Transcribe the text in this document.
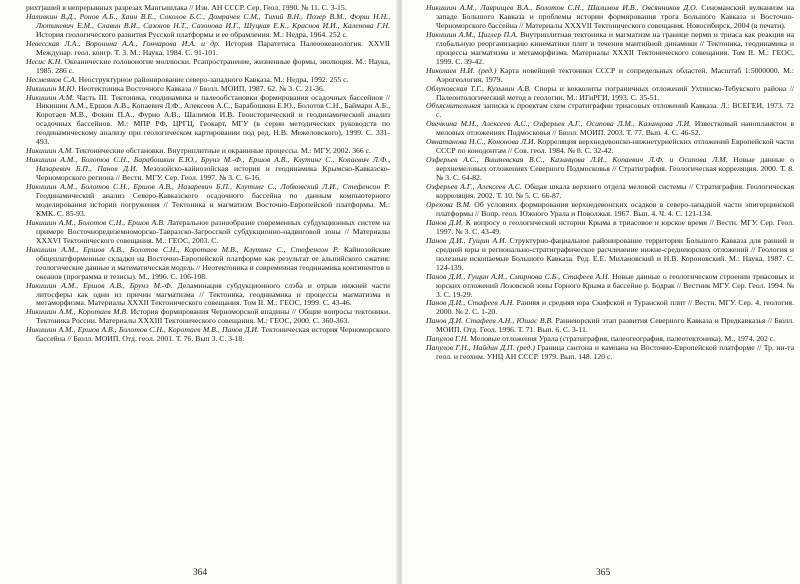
рихт)ашей в непрерывных разрезах Мангышлака // Изв. АН СССР. Сер. Геол. 1990. № 11. С. 3-15.

Наливкин В.Д., Ронов А.Б., Хаин В.Е., Соколов Б.С., Домрачев С.М., Тихий В.Н., Позер В.М., Форш Н.Н., Лютикевич Е.М., Славин В.И., Сазонов Н.Т., Сазонова И.Г., Шуцкая Е.К., Краснов И.И., Каленова Г.Н. История геологического развития Русской платформы и ее обрамления. М.: Недра, 1964. 252 с.

Невесская Л.А., Воронина А.А., Гончарова И.А. и др. История Паратетиса Палеоокеанология. XXVII Междунар. геол. конгр. Т. 3. М.: Наука, 1984. С. 91-101.

Несис К.Н. Океанические головоногие моллюски. Рсапространение, жизненные формы, эволюция. М.: Наука, 1985. 286 с.

Несмеянов С.А. Неоструктурное районирование северо-западного Кавказа. М.: Недра, 1992. 255 с.

Никишин М.Ю. Неотектоника Восточного Кавказа // Бюлл. МОИП. 1987. 62. № 3. С. 21-36.

Никишин А.М. Часть III. Тектоника, геодинамика и палеообстановки формирования осадочных бассейнов // Никишин А.М., Ершов А.В., Копаевич Л.Ф., Алексеев А.С., Барабошкин Е.Ю., Болотов С.Н., Баймарн А.Б., Коротаев М.В., Фокин П.А., Фурно А.В., Шалимов И.В. Геоисторический и геодинамический анализ осадочных бассейнов. М.: МПР РФ, ЦРГЦ, Геокарт, МГУ (в серии методических руководств по геодинамическому анализу при геологическом картировании под ред. Н.В. Межеловского), 1999. С. 331-493.

Никишин А.М. Тектонические обстановки. Внутриплитные и окраинные процессы. М.: МГУ, 2002. 366 с.

Никишин А.М., Болотов С.Н., Барабошкин Е.Ю., Брунэ М.-Ф., Ершов А.В., Клутинг С., Копаевич Л.Ф., Назаревич Б.П., Панов Д.И. Мезозойско-кайнозойская история и геодинамика Крымско-Кавказско-Черноморского региона // Вестн. МГУ. Сер. Геол. 1997. № 3. С. 6-16.

Никишин А.М., Болотов С.Н., Ершов А.В., Назаревич Б.П., Клутинг С., Лобковский Л.И., Стефенсон Р. Геодинамический анализ Северо-Кавказского осадочного бассейна по данным компьютерного моделирования истории погружения // Тектоника и магматизм Восточно-Европейской платформы. М.: КМК. С. 85-93.

Никишин А.М., Болотов С.Н., Ершов А.В. Латеральное разнообразие современных субдукционных систем на примере Восточноредиземноморско-Тавразско-Загросской субдукционно-надвиговой зоны // Материалы XXXVI Тектонического совещания. М.: ГЕОС, 2003. С.

Никишин А.М., Ершов А.В., Болотов С.Н., Коротаев М.В., Клутинг С., Стефенсон Р. Кайнозойские общеплатформенные складки на Восточно-Европейской платформе как результат ее альпийского сжатия: геологические данные и математическая модель // Неотектоника и современная геодинамика континентов и океанов (программа и тезисы). М., 1996. С. 106-108.

Никишин А.М., Ершов А.В., Брунэ М.-Ф. Деламинация субдукционного слэба и отрыв нижней части литосферы как одни из причин магматизма // Тектоника, геодинамика и процессы магматизма и метаморфизма. Материалы XXXII Тектонического совещания. Том II. М.: ГЕОС, 1999. С. 43-46.

Никишин А.М., Коротаев М.В. История формирования Черноморской впадины // Общие вопросы тектоники. Тектоника России. Материалы XXXIII Тектонического совещания. М.: ГЕОС, 2000. С. 360-363.

Никишин А.М., Ершов А.В., Болотов С.Н., Коротаев М.В., Панов Д.И. Тектоническая история Черноморского бассейна // Бюлл. МОИП. Отд. геол. 2001. Т. 76. Вып 3. С. 3-18.

364

Никишин А.М., Лаврищев В.А., Болотов С.Н., Шалимов И.В., Овсянников Д.О. Сеноманский вулканизм на западе Большого Кавказа и проблемы истории формирования трога Большого Кавказа и Восточно-Черноморского бассейна // Материалы XXXVII Тектонического совещания. Новосибирск, 2004 (в печати).

Никишин А.М., Циглер П.А. Внутриплитная тектоника и магматизм на границе перми и триаса как реакция на глобальную реорганизацию кинематики плит и течения мантийной динамики // Тектоника, геодинамика и процессы магматизма и метаморфизма. Материалы XXXII Тектонического совещания. Том II. М.: ГЕОС, 1999. С. 39-42.

Николаев Н.И. (ред.) Карта новейшей тектоники СССР и сопредельных областей. Масштаб 1:5000000. М.: Аэрогеология, 1979.

Облуновская Т.Г., Кузьмин А.В. Споры и кокколиты пограничных отложений Ухтинско-Тебукского района // Палеонтологический метод в геологии. М.: ИГиРГИ, 1993. С. 35-51.

Объяснительная записка к проектам схем стратиграфии триасовых отложений Кавказа. Л.: ВСЕГЕИ, 1973. 72 с.

Овечкина М.Н., Алексеев А.С., Озферьев А.Г., Осипова Л.М., Казинцова Л.И. Известковый нанопланктон в меловых отложениях Подмосковья // Бюлл. МОИП. 2003. Т. 77. Вып. 4. С. 46-52.

Овнатанова Н.С., Кононова Л.И. Корреляция верхнедевонско-нижнетурнейских отложений Европейской части СССР по конодонтам // Сов. геол. 1984. № 8. С. 32-42.

Озферьев А.С., Вишневская В.С., Казинцова Л.И., Копаевич Л.Ф. и Осипова Л.М. Новые данные о верхнемеловых отложениях Северного Подмосковья // Стратиграфия. Геологическая корреляция. 2000. Т. 8. № 3. С. 64-82.

Озферьев А.Г., Алексеев А.С. Общая шкала верхнего отдела меловой системы // Стратиграфия. Геологическая корреляция. 2002. Т. 10. № 5. С. 66-87.

Орехова В.М. Об условиях формирования верхнедевонских осадков в северо-западной части эпигерцинской платформы // Вопр. геол. Южного Урала и Поволжья. 1967. Вып. 4. Ч. 4. С. 121-134.

Панов Д.И. К вопросу о геологической истории Крыма в триасовое и юрское время // Вестн. МГУ. Сер. Геол. 1997. № 3. С. 43-49.

Панов Д.И., Гущин А.И. Структурно-фациальное районирование территории Большого Кавказа для ранней и средней юры и регионально-стратиграфическое расчленение нижне-среднеюрских отложений // Геология и полезные ископаемые Большого Кавказа. Ред. Е.Е. Милановский и Н.В. Короновский. М.: Наука, 1987. С. 124-139.

Панов Д.И., Гущин А.И., Смирнова С.Б., Стафеев А.Н. Новые данные о геологическом строении триасовых и юрских отложений Лозовской зоны Горного Крыма в бассейне р. Бодрак // Вестник МГУ. Сер. Геол. 1994. № 3. С. 19-29.

Панов Д.И., Стафеев А.Н. Ранняя и средняя юра Скифской и Туранской плит // Вестн. МГУ. Сер. 4, геология. 2000. № 2. С. 1-20.

Панов Д.И. Стафеев А.Н., Юшас В.В. Раннеюрский этап развития Северного Кавказа и Предкавказья // Бюлл. МОИП. Отд. Геол. 1996. Т. 71. Вып. 6. С. 3-11.

Папулов Г.Н. Меловые отложения Урала (стратиграфия, палеогеография, палеотектоника). М., 1974. 202 с.

Папулов Г.Н., Найдин Д.П. (ред.) Граница сантона и кампана на Восточно-Европейской платформе // Тр. ин-та геол. и геохим. УНЦ АН СССР. 1979. Вып. 148. 120 с.

365
